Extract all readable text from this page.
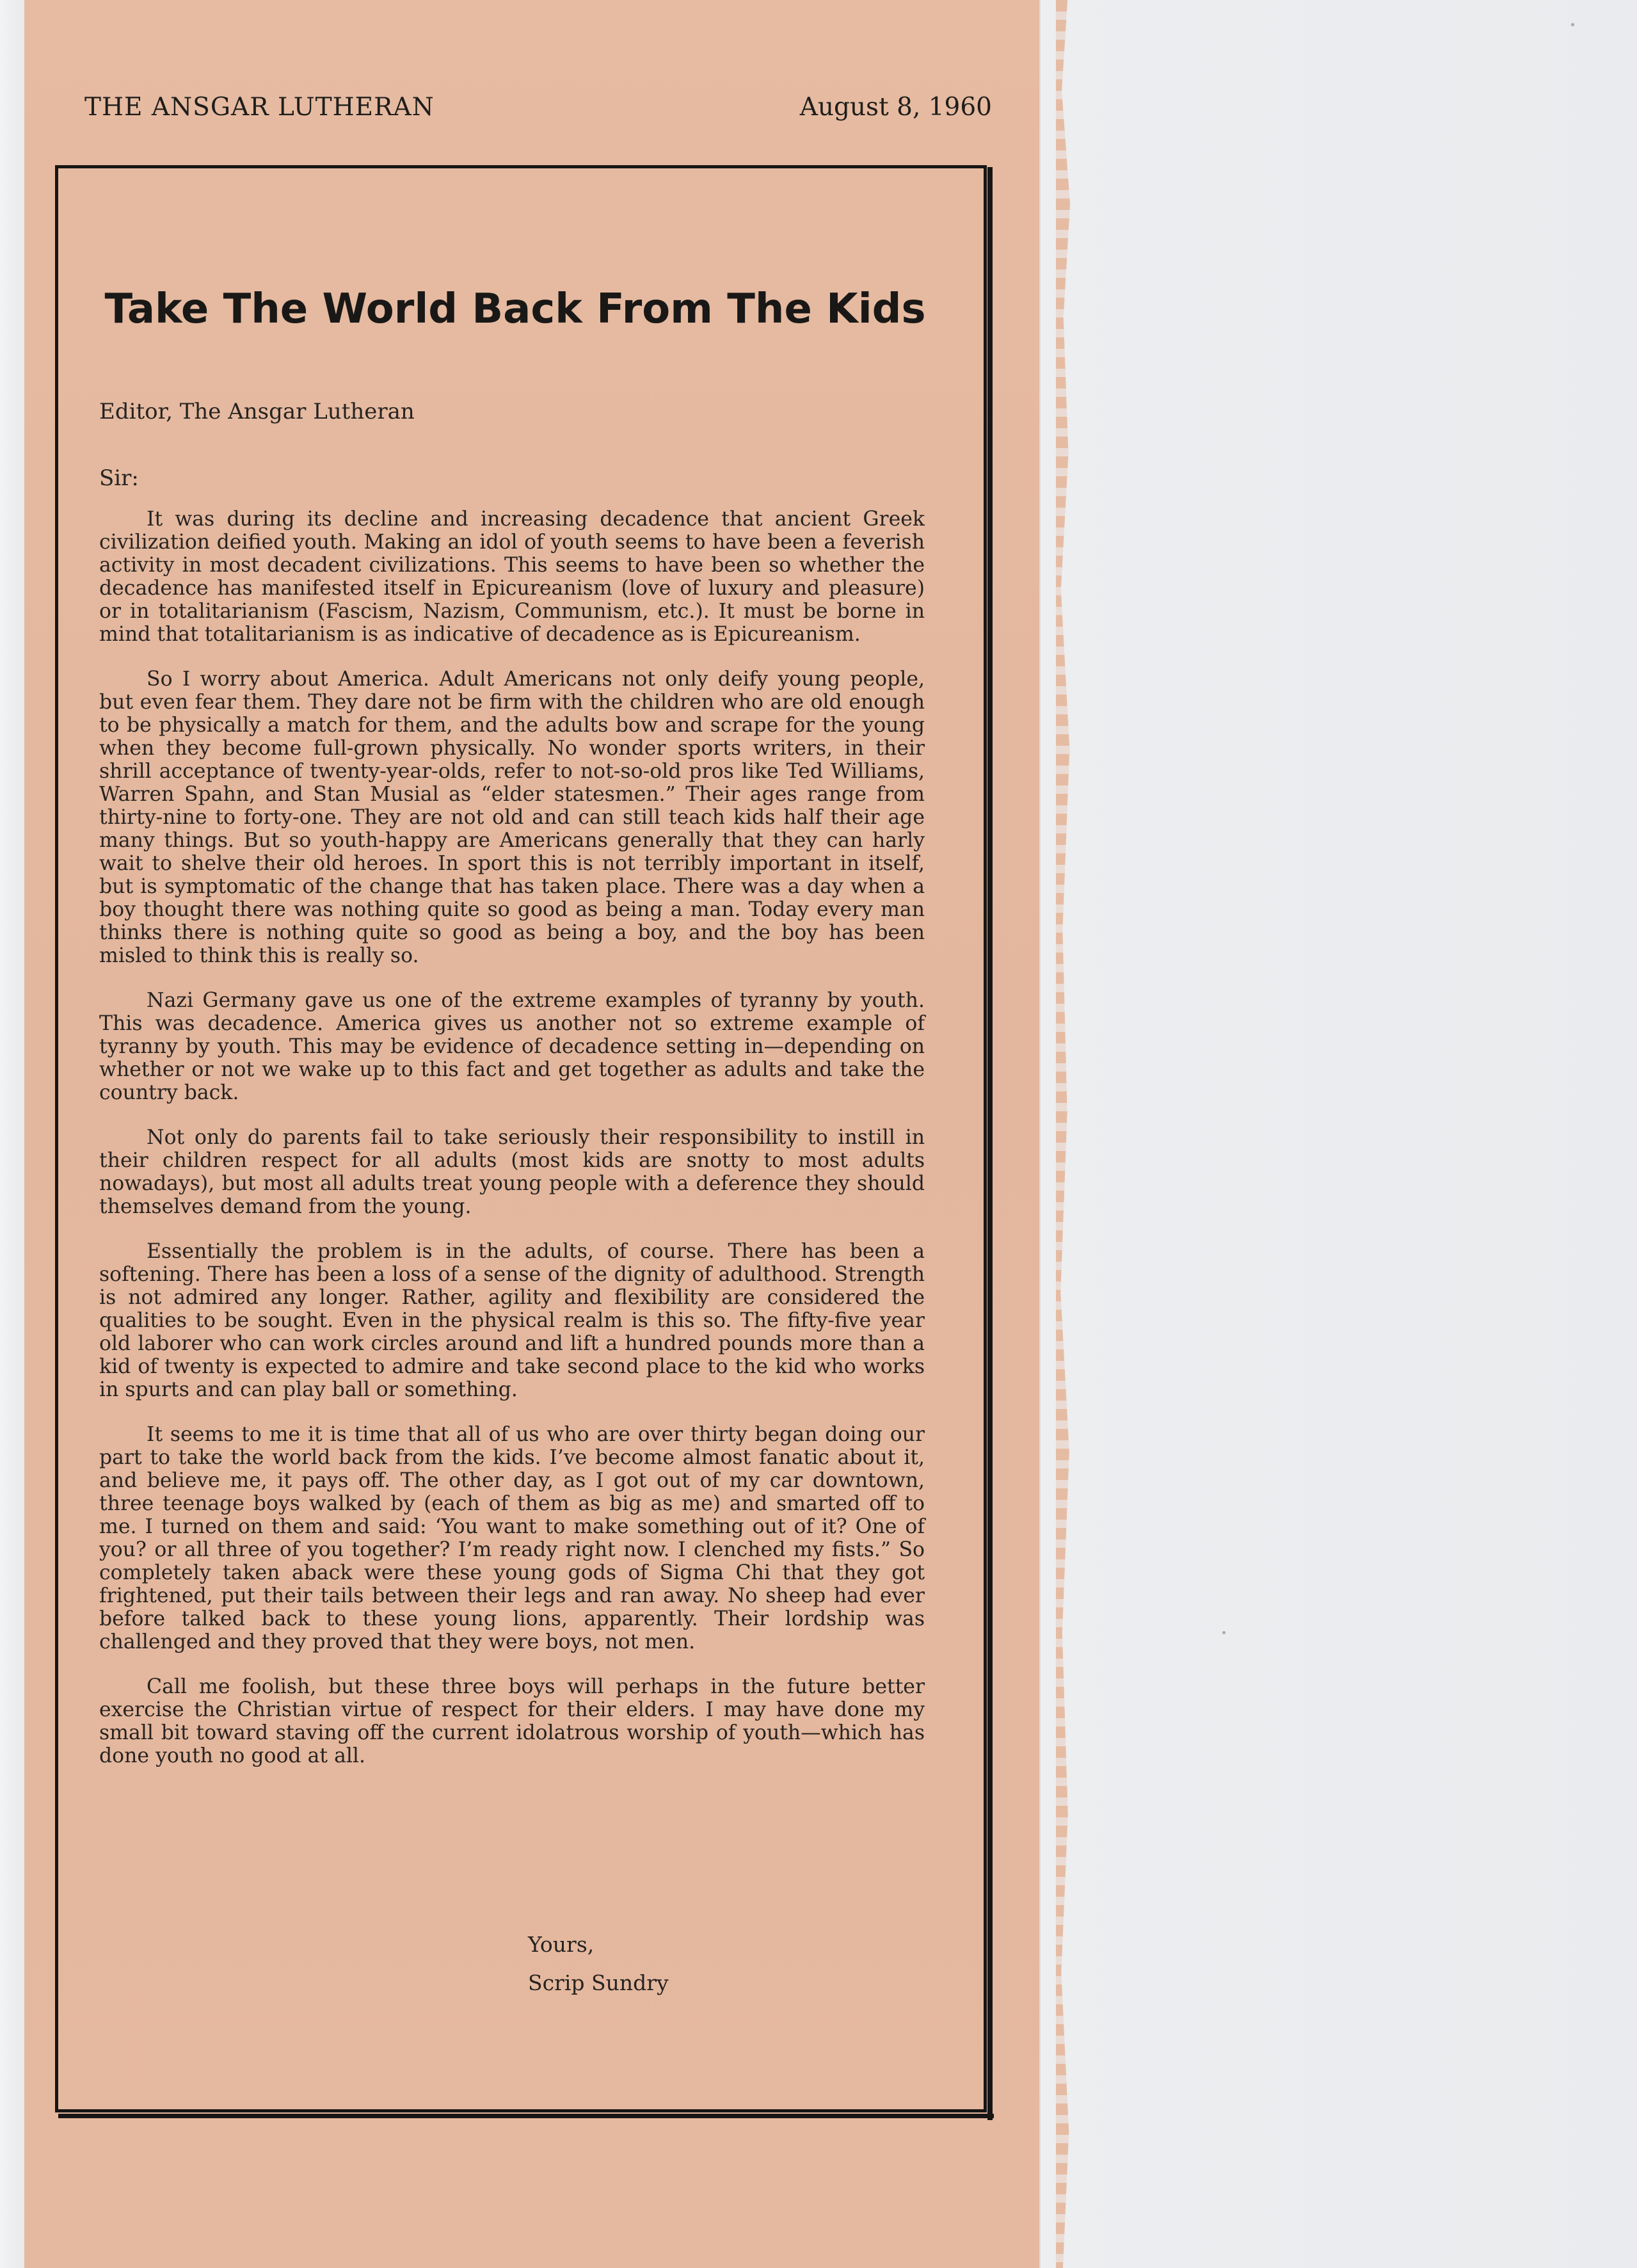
THE ANSGAR LUTHERAN	August 8, 1960
Take The World Back From The Kids
Editor, The Ansgar Lutheran
Sir:

It was during its decline and increasing decadence that ancient Greek civilization deified youth. Making an idol of youth seems to have been a feverish activity in most decadent civilizations. This seems to have been so whether the decadence has manifested itself in Epicureanism (love of luxury and pleasure) or in totalitarianism (Fascism, Nazism, Communism, etc.). It must be borne in mind that totalitarianism is as indicative of decadence as is Epicureanism.

So I worry about America. Adult Americans not only deify young people, but even fear them. They dare not be firm with the children who are old enough to be physically a match for them, and the adults bow and scrape for the young when they become full-grown physically. No wonder sports writers, in their shrill acceptance of twenty-year-olds, refer to not-so-old pros like Ted Williams, Warren Spahn, and Stan Musial as “elder statesmen.” Their ages range from thirty-nine to forty-one. They are not old and can still teach kids half their age many things. But so youth-happy are Americans generally that they can harly wait to shelve their old heroes. In sport this is not terribly important in itself, but is symptomatic of the change that has taken place. There was a day when a boy thought there was nothing quite so good as being a man. Today every man thinks there is nothing quite so good as being a boy, and the boy has been misled to think this is really so.

Nazi Germany gave us one of the extreme examples of tyranny by youth. This was decadence. America gives us another not so extreme example of tyranny by youth. This may be evidence of decadence setting in—depending on whether or not we wake up to this fact and get together as adults and take the country back.

Not only do parents fail to take seriously their responsibility to instill in their children respect for all adults (most kids are snotty to most adults nowadays), but most all adults treat young people with a deference they should themselves demand from the young.

Essentially the problem is in the adults, of course. There has been a softening. There has been a loss of a sense of the dignity of adulthood. Strength is not admired any longer. Rather, agility and flexibility are considered the qualities to be sought. Even in the physical realm is this so. The fifty-five year old laborer who can work circles around and lift a hundred pounds more than a kid of twenty is expected to admire and take second place to the kid who works in spurts and can play ball or something.

It seems to me it is time that all of us who are over thirty began doing our part to take the world back from the kids. I’ve become almost fanatic about it, and believe me, it pays off. The other day, as I got out of my car downtown, three teenage boys walked by (each of them as big as me) and smarted off to me. I turned on them and said: ‘You want to make something out of it? One of you? or all three of you together? I’m ready right now. I clenched my fists.” So completely taken aback were these young gods of Sigma Chi that they got frightened, put their tails between their legs and ran away. No sheep had ever before talked back to these young lions, apparently. Their lordship was challenged and they proved that they were boys, not men.

Call me foolish, but these three boys will perhaps in the future better exercise the Christian virtue of respect for their elders. I may have done my small bit toward staving off the current idolatrous worship of youth—which has done youth no good at all.

Yours,
Scrip Sundry
